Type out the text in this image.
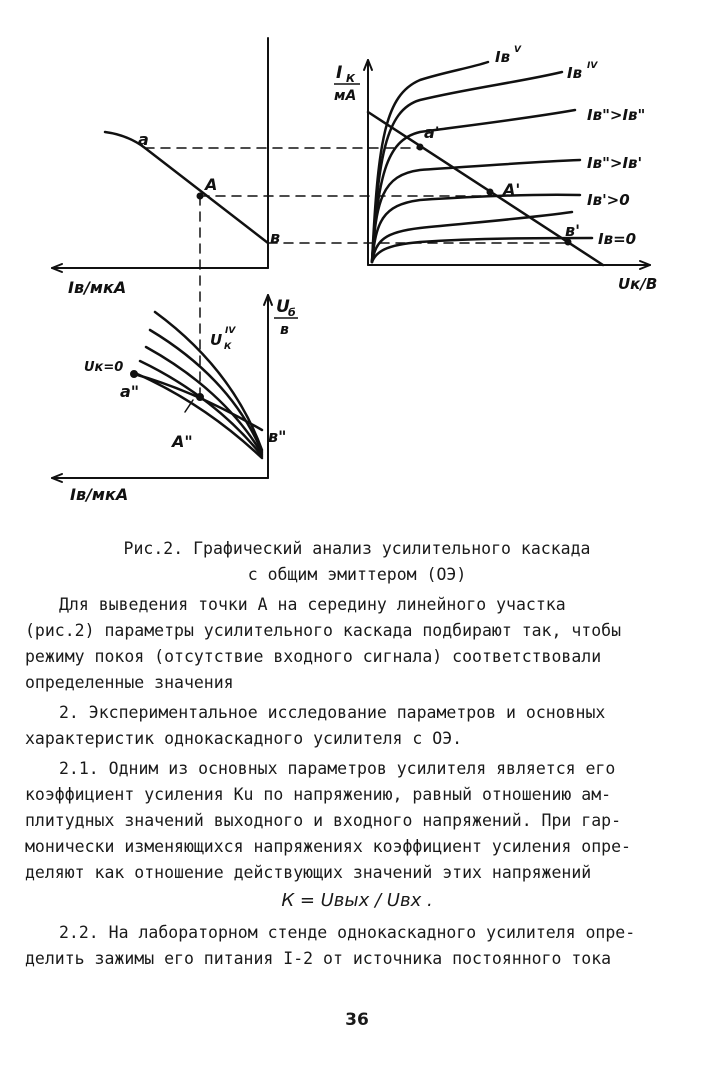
а
А
в
Iв/мкА
I К
мА
Iв V
Iв IV
Iв">Iв"
Iв">Iв'
Iв'>0
Iв=0
а'
А'
в'
Uк/В
U
б
в
U IV
К
Uк=0
а"
А"	в"
Iв/мкА
Рис.2. Графический анализ усилительного каскада
с общим эмиттером (ОЭ)

Для выведения точки А на середину линейного участка

(рис.2) параметры усилительного каскада подбирают так, чтобы

режиму покоя (отсутствие входного сигнала) соответствовали

определенные значения

2. Экспериментальное исследование параметров и основных

характеристик однокаскадного усилителя с ОЭ.

2.1. Одним из основных параметров усилителя является его

коэффициент усиления Кu по напряжению, равный отношению ам-

плитудных значений выходного и входного напряжений. При гар-

монически изменяющихся напряжениях коэффициент усиления опре-

деляют как отношение действующих значений этих напряжений

К = Uвых / Uвх .

2.2. На лабораторном стенде однокаскадного усилителя опре-

делить зажимы его питания I-2 от источника постоянного тока

36
